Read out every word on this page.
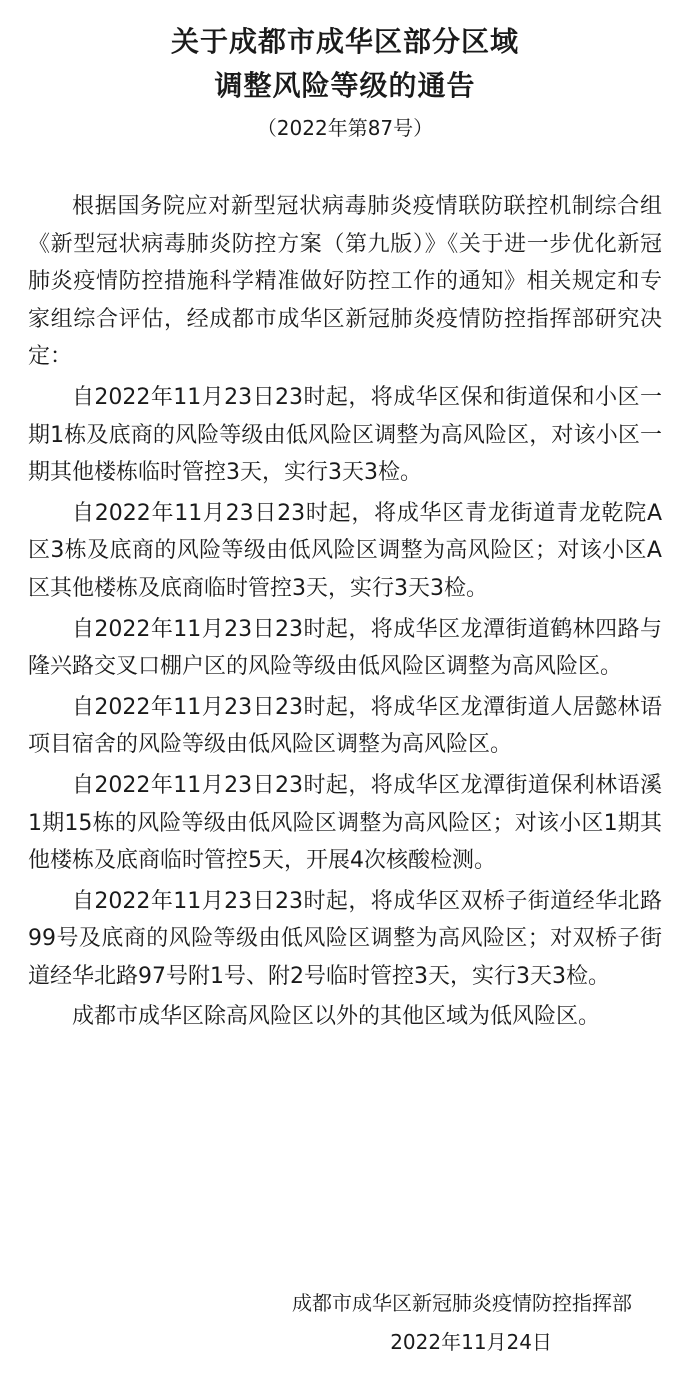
关于成都市成华区部分区域
调整风险等级的通告

（2022年第87号）

根据国务院应对新型冠状病毒肺炎疫情联防联控机制综合组《新型冠状病毒肺炎防控方案（第九版）》《关于进一步优化新冠肺炎疫情防控措施科学精准做好防控工作的通知》相关规定和专家组综合评估，经成都市成华区新冠肺炎疫情防控指挥部研究决定：

自2022年11月23日23时起，将成华区保和街道保和小区一期1栋及底商的风险等级由低风险区调整为高风险区，对该小区一期其他楼栋临时管控3天，实行3天3检。

自2022年11月23日23时起，将成华区青龙街道青龙乾院A区3栋及底商的风险等级由低风险区调整为高风险区；对该小区A区其他楼栋及底商临时管控3天，实行3天3检。

自2022年11月23日23时起，将成华区龙潭街道鹤林四路与隆兴路交叉口棚户区的风险等级由低风险区调整为高风险区。

自2022年11月23日23时起，将成华区龙潭街道人居懿林语项目宿舍的风险等级由低风险区调整为高风险区。

自2022年11月23日23时起，将成华区龙潭街道保利林语溪1期15栋的风险等级由低风险区调整为高风险区；对该小区1期其他楼栋及底商临时管控5天，开展4次核酸检测。

自2022年11月23日23时起，将成华区双桥子街道经华北路99号及底商的风险等级由低风险区调整为高风险区；对双桥子街道经华北路97号附1号、附2号临时管控3天，实行3天3检。

成都市成华区除高风险区以外的其他区域为低风险区。

成都市成华区新冠肺炎疫情防控指挥部

2022年11月24日
